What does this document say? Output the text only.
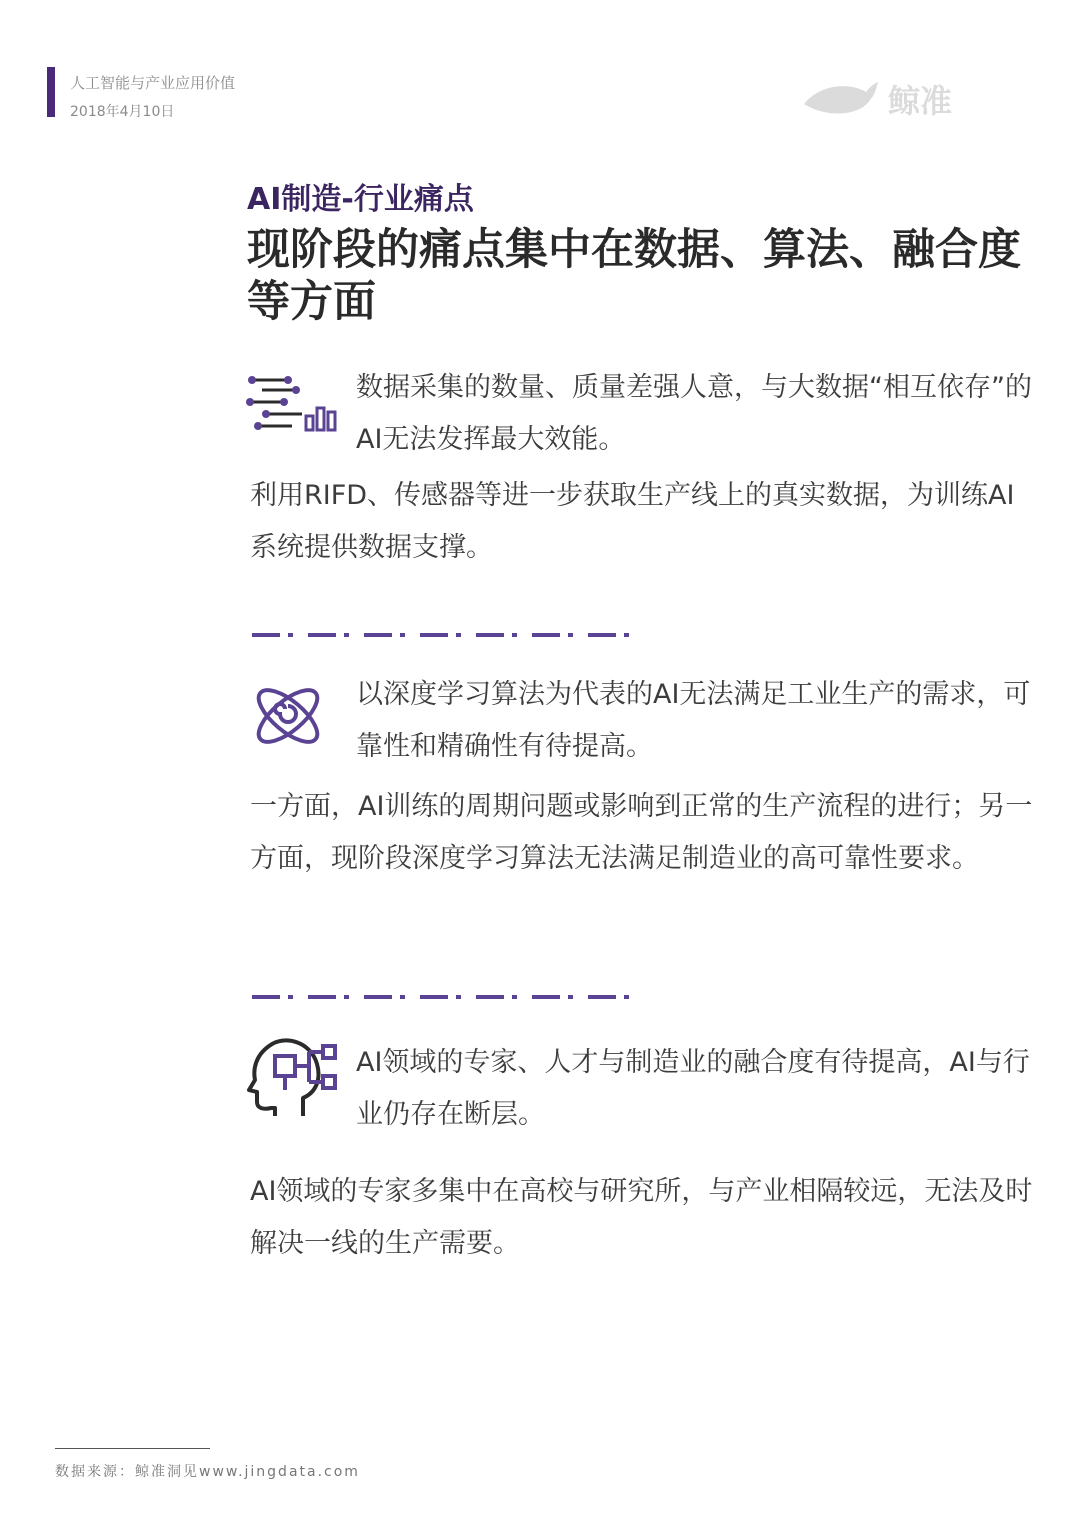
人工智能与产业应用价值
2018年4月10日	鲸准
AI制造-行业痛点
现阶段的痛点集中在数据、算法、融合度等方面
数据采集的数量、质量差强人意，与大数据“相互依存”的AI无法发挥最大效能。
利用RIFD、传感器等进一步获取生产线上的真实数据，为训练AI系统提供数据支撑。
以深度学习算法为代表的AI无法满足工业生产的需求，可靠性和精确性有待提高。
一方面，AI训练的周期问题或影响到正常的生产流程的进行；另一方面，现阶段深度学习算法无法满足制造业的高可靠性要求。
AI领域的专家、人才与制造业的融合度有待提高，AI与行业仍存在断层。
AI领域的专家多集中在高校与研究所，与产业相隔较远，无法及时解决一线的生产需要。
数据来源：鲸准洞见www.jingdata.com
